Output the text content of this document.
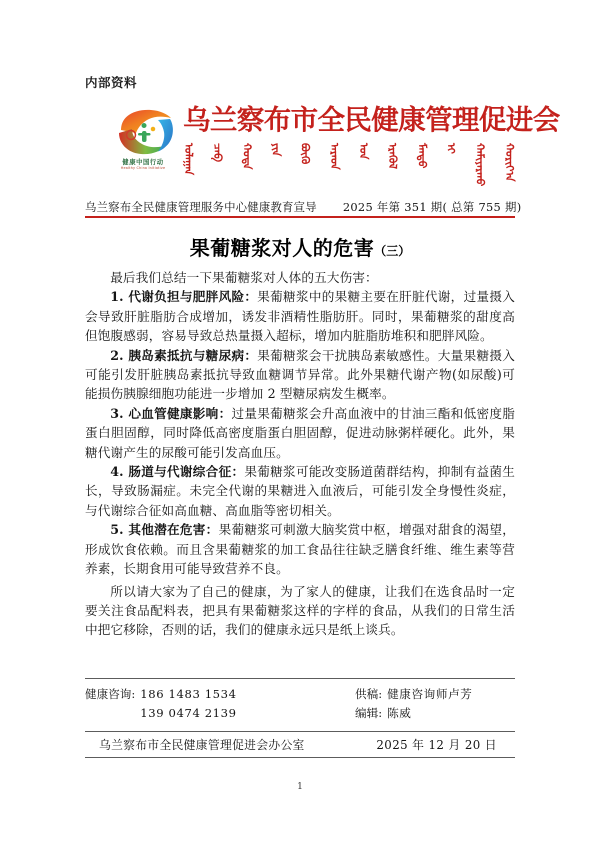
内部资料
健康中国行动
Healthy China Initiative
乌兰察布市全民健康管理促进会
ᠤᠯᠠᠭᠠᠨ ᠴᠠᠪ ᠬᠣᠲᠠ ᠶᠢᠨ ᠪᠦᠬᠦ ᠠᠷᠠᠳ ᠤᠨ ᠡᠷᠡᠭᠦᠯ ᠮᠡᠨᠳᠦ ᠢ ᠬᠠᠮᠢᠶᠠᠷᠬᠤ ᠬᠣᠷᠢᠶ᠎ᠠ
乌兰察布全民健康管理服务中心健康教育宣导 2025 年第 351 期( 总第 755 期)
果葡糖浆对人的危害（三）

最后我们总结一下果葡糖浆对人体的五大伤害：

1. 代谢负担与肥胖风险：果葡糖浆中的果糖主要在肝脏代谢，过量摄入会导致肝脏脂肪合成增加，诱发非酒精性脂肪肝。同时，果葡糖浆的甜度高但饱腹感弱，容易导致总热量摄入超标，增加内脏脂肪堆积和肥胖风险。

2. 胰岛素抵抗与糖尿病：果葡糖浆会干扰胰岛素敏感性。大量果糖摄入可能引发肝脏胰岛素抵抗导致血糖调节异常。此外果糖代谢产物(如尿酸)可能损伤胰腺细胞功能进一步增加 2 型糖尿病发生概率。

3. 心血管健康影响：过量果葡糖浆会升高血液中的甘油三酯和低密度脂蛋白胆固醇，同时降低高密度脂蛋白胆固醇，促进动脉粥样硬化。此外，果糖代谢产生的尿酸可能引发高血压。

4. 肠道与代谢综合征：果葡糖浆可能改变肠道菌群结构，抑制有益菌生长，导致肠漏症。未完全代谢的果糖进入血液后，可能引发全身慢性炎症，与代谢综合征如高血糖、高血脂等密切相关。

5. 其他潜在危害：果葡糖浆可刺激大脑奖赏中枢，增强对甜食的渴望，形成饮食依赖。而且含果葡糖浆的加工食品往往缺乏膳食纤维、维生素等营养素，长期食用可能导致营养不良。

所以请大家为了自己的健康，为了家人的健康，让我们在选食品时一定要关注食品配料表，把具有果葡糖浆这样的字样的食品，从我们的日常生活中把它移除，否则的话，我们的健康永远只是纸上谈兵。

健康咨询: 186 1483 1534
139 0474 2139
供稿: 健康咨询师卢芳
编辑: 陈威
乌兰察布市全民健康管理促进会办公室	2025 年 12 月 20 日
1
